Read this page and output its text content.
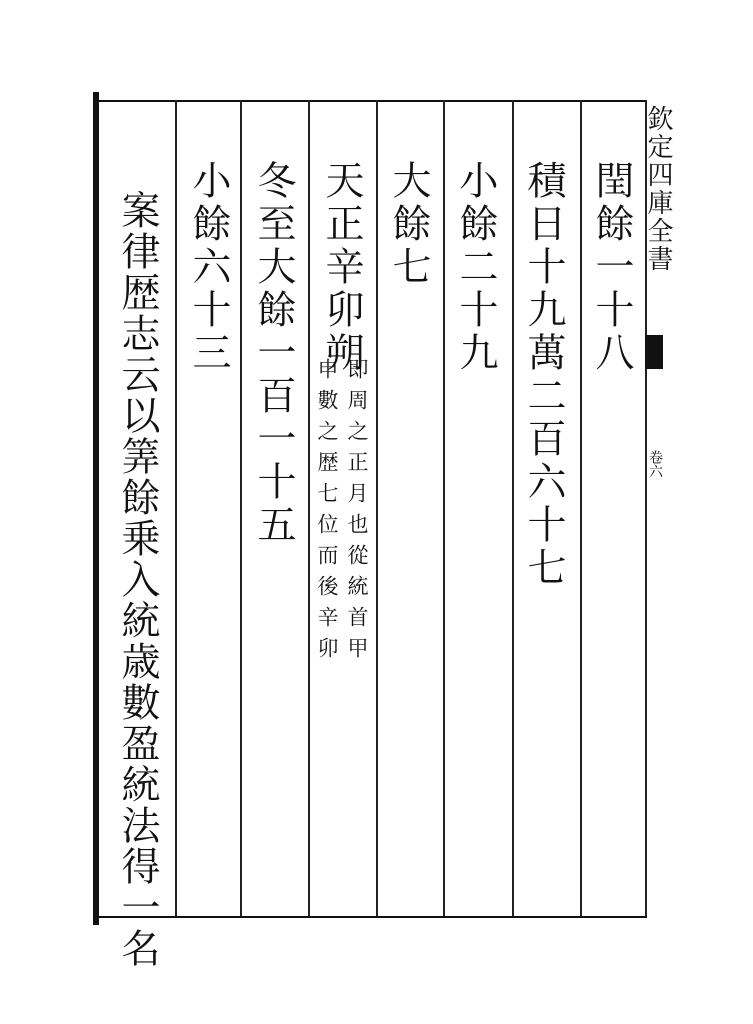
欽定四庫全書
卷六
閏餘一十八
積日十九萬二百六十七
小餘二十九
大餘七
天正辛卯朔
即周之正月也從統首甲
申數之歴七位而後辛卯
冬至大餘一百一十五
小餘六十三
案律歴志云以筭餘乗入統歳數盈統法得一名
